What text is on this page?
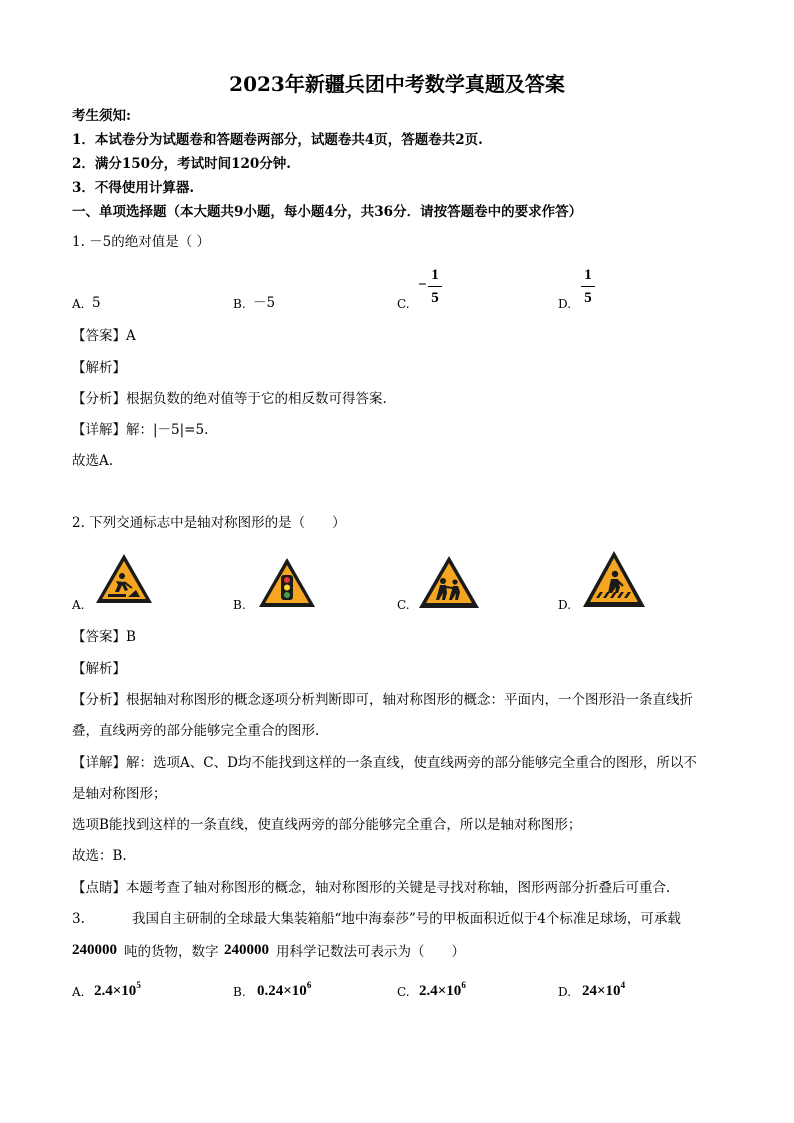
2023年新疆兵团中考数学真题及答案
考生须知:
1．本试卷分为试题卷和答题卷两部分，试题卷共4页，答题卷共2页.
2．满分150分，考试时间120分钟.
3．不得使用计算器.
一、单项选择题（本大题共9小题，每小题4分，共36分．请按答题卷中的要求作答）
1. －5的绝对值是（ ）
A. 5	B. －5	C.
−
1
5	D.
1
5
【答案】A
【解析】
【分析】根据负数的绝对值等于它的相反数可得答案.
【详解】解：|－5|=5.
故选A.
2. 下列交通标志中是轴对称图形的是（　　）
A.	B.	C.	D.
【答案】B
【解析】
【分析】根据轴对称图形的概念逐项分析判断即可，轴对称图形的概念：平面内，一个图形沿一条直线折
叠，直线两旁的部分能够完全重合的图形.
【详解】解：选项A、C、D均不能找到这样的一条直线，使直线两旁的部分能够完全重合的图形，所以不
是轴对称图形；
选项B能找到这样的一条直线，使直线两旁的部分能够完全重合，所以是轴对称图形；
故选：B.
【点睛】本题考查了轴对称图形的概念，轴对称图形的关键是寻找对称轴，图形两部分折叠后可重合.
3.	我国自主研制的全球最大集装箱船“地中海泰莎”号的甲板面积近似于4个标准足球场，可承载
240000 吨的货物，数字 240000 用科学记数法可表示为（　　）
A. $2.4\times 10^5$	B. $0.24\times 10^6$	C. $2.4\times 10^6$	D. $24\times 10^4$
